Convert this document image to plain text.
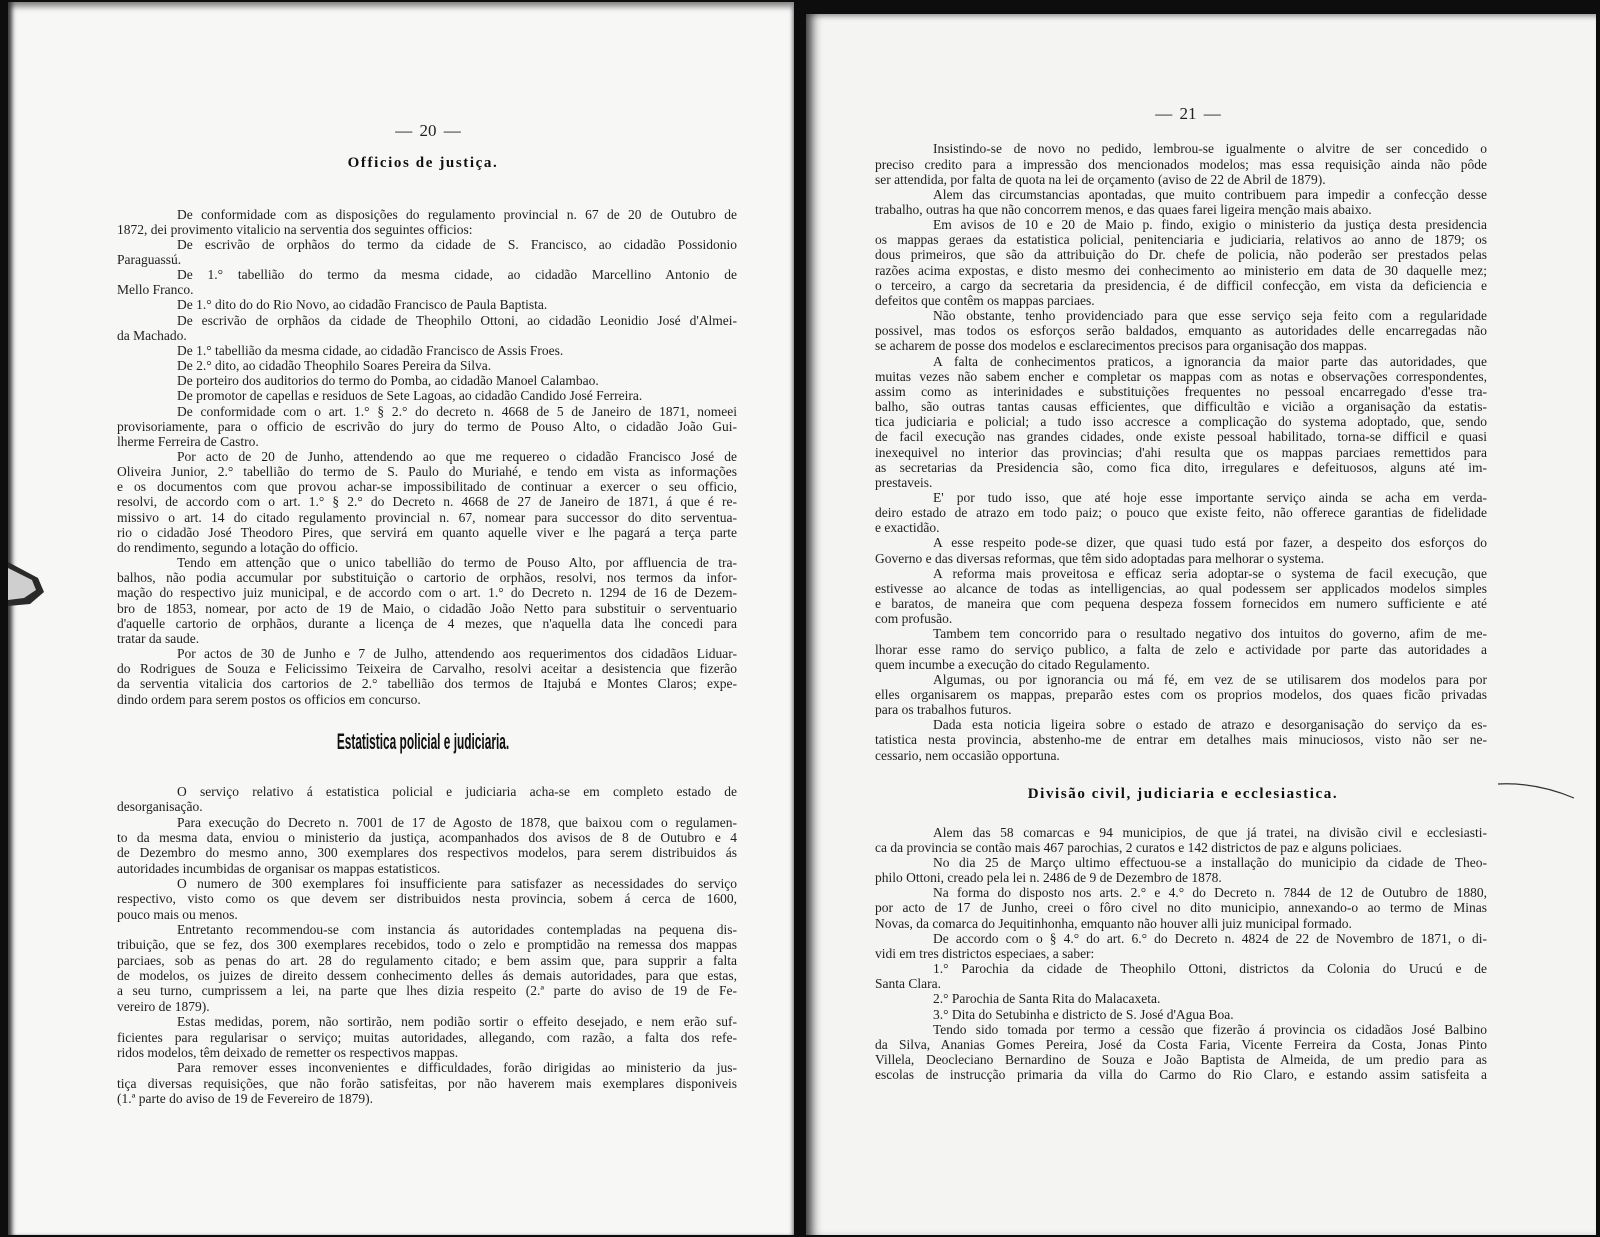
— 20 —
Officios de justiça.
De conformidade com as disposições do regulamento provincial n. 67 de 20 de Outubro de
1872, dei provimento vitalicio na serventia dos seguintes officios:
De escrivão de orphãos do termo da cidade de S. Francisco, ao cidadão Possidonio
Paraguassú.
De 1.° tabellião do termo da mesma cidade, ao cidadão Marcellino Antonio de
Mello Franco.
De 1.° dito do do Rio Novo, ao cidadão Francisco de Paula Baptista.
De escrivão de orphãos da cidade de Theophilo Ottoni, ao cidadão Leonidio José d'Almei-
da Machado.
De 1.° tabellião da mesma cidade, ao cidadão Francisco de Assis Froes.
De 2.° dito, ao cidadão Theophilo Soares Pereira da Silva.
De porteiro dos auditorios do termo do Pomba, ao cidadão Manoel Calambao.
De promotor de capellas e residuos de Sete Lagoas, ao cidadão Candido José Ferreira.
De conformidade com o art. 1.° § 2.° do decreto n. 4668 de 5 de Janeiro de 1871, nomeei
provisoriamente, para o officio de escrivão do jury do termo de Pouso Alto, o cidadão João Gui-
lherme Ferreira de Castro.
Por acto de 20 de Junho, attendendo ao que me requereo o cidadão Francisco José de
Oliveira Junior, 2.° tabellião do termo de S. Paulo do Muriahé, e tendo em vista as informações
e os documentos com que provou achar-se impossibilitado de continuar a exercer o seu officio,
resolvi, de accordo com o art. 1.° § 2.° do Decreto n. 4668 de 27 de Janeiro de 1871, á que é re-
missivo o art. 14 do citado regulamento provincial n. 67, nomear para successor do dito serventua-
rio o cidadão José Theodoro Pires, que servirá em quanto aquelle viver e lhe pagará a terça parte
do rendimento, segundo a lotação do officio.
Tendo em attenção que o unico tabellião do termo de Pouso Alto, por affluencia de tra-
balhos, não podia accumular por substituição o cartorio de orphãos, resolvi, nos termos da infor-
mação do respectivo juiz municipal, e de accordo com o art. 1.° do Decreto n. 1294 de 16 de Dezem-
bro de 1853, nomear, por acto de 19 de Maio, o cidadão João Netto para substituir o serventuario
d'aquelle cartorio de orphãos, durante a licença de 4 mezes, que n'aquella data lhe concedi para
tratar da saude.
Por actos de 30 de Junho e 7 de Julho, attendendo aos requerimentos dos cidadãos Liduar-
do Rodrigues de Souza e Felicissimo Teixeira de Carvalho, resolvi aceitar a desistencia que fizerão
da serventia vitalicia dos cartorios de 2.° tabellião dos termos de Itajubá e Montes Claros; expe-
dindo ordem para serem postos os officios em concurso.
Estatistica policial e judiciaria.
O serviço relativo á estatistica policial e judiciaria acha-se em completo estado de
desorganisação.
Para execução do Decreto n. 7001 de 17 de Agosto de 1878, que baixou com o regulamen-
to da mesma data, enviou o ministerio da justiça, acompanhados dos avisos de 8 de Outubro e 4
de Dezembro do mesmo anno, 300 exemplares dos respectivos modelos, para serem distribuidos ás
autoridades incumbidas de organisar os mappas estatisticos.
O numero de 300 exemplares foi insufficiente para satisfazer as necessidades do serviço
respectivo, visto como os que devem ser distribuidos nesta provincia, sobem á cerca de 1600,
pouco mais ou menos.
Entretanto recommendou-se com instancia ás autoridades contempladas na pequena dis-
tribuição, que se fez, dos 300 exemplares recebidos, todo o zelo e promptidão na remessa dos mappas
parciaes, sob as penas do art. 28 do regulamento citado; e bem assim que, para supprir a falta
de modelos, os juizes de direito dessem conhecimento delles ás demais autoridades, para que estas,
a seu turno, cumprissem a lei, na parte que lhes dizia respeito (2.ª parte do aviso de 19 de Fe-
vereiro de 1879).
Estas medidas, porem, não sortirão, nem podião sortir o effeito desejado, e nem erão suf-
ficientes para regularisar o serviço; muitas autoridades, allegando, com razão, a falta dos refe-
ridos modelos, têm deixado de remetter os respectivos mappas.
Para remover esses inconvenientes e difficuldades, forão dirigidas ao ministerio da jus-
tiça diversas requisições, que não forão satisfeitas, por não haverem mais exemplares disponiveis
(1.ª parte do aviso de 19 de Fevereiro de 1879).
— 21 —
Insistindo-se de novo no pedido, lembrou-se igualmente o alvitre de ser concedido o
preciso credito para a impressão dos mencionados modelos; mas essa requisição ainda não pôde
ser attendida, por falta de quota na lei de orçamento (aviso de 22 de Abril de 1879).
Alem das circumstancias apontadas, que muito contribuem para impedir a confecção desse
trabalho, outras ha que não concorrem menos, e das quaes farei ligeira menção mais abaixo.
Em avisos de 10 e 20 de Maio p. findo, exigio o ministerio da justiça desta presidencia
os mappas geraes da estatistica policial, penitenciaria e judiciaria, relativos ao anno de 1879; os
dous primeiros, que são da attribuição do Dr. chefe de policia, não poderão ser prestados pelas
razões acima expostas, e disto mesmo dei conhecimento ao ministerio em data de 30 daquelle mez;
o terceiro, a cargo da secretaria da presidencia, é de difficil confecção, em vista da deficiencia e
defeitos que contêm os mappas parciaes.
Não obstante, tenho providenciado para que esse serviço seja feito com a regularidade
possivel, mas todos os esforços serão baldados, emquanto as autoridades delle encarregadas não
se acharem de posse dos modelos e esclarecimentos precisos para organisação dos mappas.
A falta de conhecimentos praticos, a ignorancia da maior parte das autoridades, que
muitas vezes não sabem encher e completar os mappas com as notas e observações correspondentes,
assim como as interinidades e substituições frequentes no pessoal encarregado d'esse tra-
balho, são outras tantas causas efficientes, que difficultão e vicião a organisação da estatis-
tica judiciaria e policial; a tudo isso accresce a complicação do systema adoptado, que, sendo
de facil execução nas grandes cidades, onde existe pessoal habilitado, torna-se difficil e quasi
inexequivel no interior das provincias; d'ahi resulta que os mappas parciaes remettidos para
as secretarias da Presidencia são, como fica dito, irregulares e defeituosos, alguns até im-
prestaveis.
E' por tudo isso, que até hoje esse importante serviço ainda se acha em verda-
deiro estado de atrazo em todo paiz; o pouco que existe feito, não offerece garantias de fidelidade
e exactidão.
A esse respeito pode-se dizer, que quasi tudo está por fazer, a despeito dos esforços do
Governo e das diversas reformas, que têm sido adoptadas para melhorar o systema.
A reforma mais proveitosa e efficaz seria adoptar-se o systema de facil execução, que
estivesse ao alcance de todas as intelligencias, ao qual podessem ser applicados modelos simples
e baratos, de maneira que com pequena despeza fossem fornecidos em numero sufficiente e até
com profusão.
Tambem tem concorrido para o resultado negativo dos intuitos do governo, afim de me-
lhorar esse ramo do serviço publico, a falta de zelo e actividade por parte das autoridades a
quem incumbe a execução do citado Regulamento.
Algumas, ou por ignorancia ou má fé, em vez de se utilisarem dos modelos para por
elles organisarem os mappas, preparão estes com os proprios modelos, dos quaes ficão privadas
para os trabalhos futuros.
Dada esta noticia ligeira sobre o estado de atrazo e desorganisação do serviço da es-
tatistica nesta provincia, abstenho-me de entrar em detalhes mais minuciosos, visto não ser ne-
cessario, nem occasião opportuna.
Divisão civil, judiciaria e ecclesiastica.
Alem das 58 comarcas e 94 municipios, de que já tratei, na divisão civil e ecclesiasti-
ca da provincia se contão mais 467 parochias, 2 curatos e 142 districtos de paz e alguns policiaes.
No dia 25 de Março ultimo effectuou-se a installação do municipio da cidade de Theo-
philo Ottoni, creado pela lei n. 2486 de 9 de Dezembro de 1878.
Na forma do disposto nos arts. 2.° e 4.° do Decreto n. 7844 de 12 de Outubro de 1880,
por acto de 17 de Junho, creei o fôro civel no dito municipio, annexando-o ao termo de Minas
Novas, da comarca do Jequitinhonha, emquanto não houver alli juiz municipal formado.
De accordo com o § 4.° do art. 6.° do Decreto n. 4824 de 22 de Novembro de 1871, o di-
vidi em tres districtos especiaes, a saber:
1.° Parochia da cidade de Theophilo Ottoni, districtos da Colonia do Urucú e de
Santa Clara.
2.° Parochia de Santa Rita do Malacaxeta.
3.° Dita do Setubinha e districto de S. José d'Agua Boa.
Tendo sido tomada por termo a cessão que fizerão á provincia os cidadãos José Balbino
da Silva, Ananias Gomes Pereira, José da Costa Faria, Vicente Ferreira da Costa, Jonas Pinto
Villela, Deocleciano Bernardino de Souza e João Baptista de Almeida, de um predio para as
escolas de instrucção primaria da villa do Carmo do Rio Claro, e estando assim satisfeita a
